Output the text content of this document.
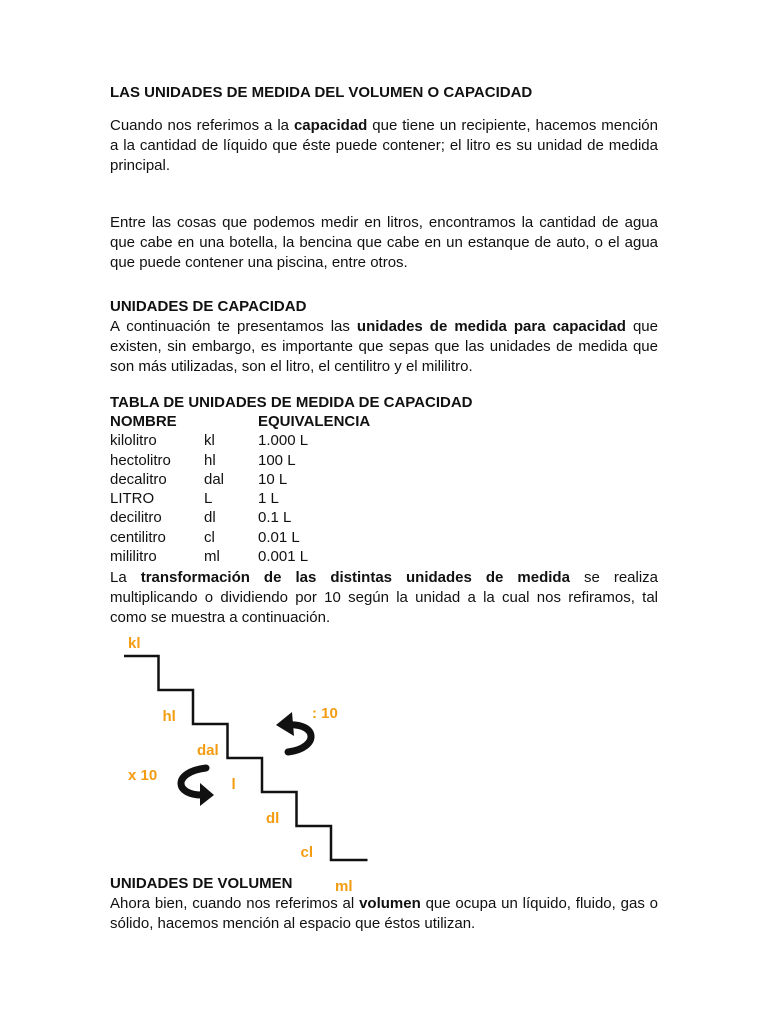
LAS UNIDADES DE MEDIDA DEL VOLUMEN O CAPACIDAD

Cuando nos referimos a la capacidad que tiene un recipiente, hacemos mención a la cantidad de líquido que éste puede contener; el litro es su unidad de medida principal.

Entre las cosas que podemos medir en litros, encontramos la cantidad de agua que cabe en una botella, la bencina que cabe en un estanque de auto, o el agua que puede contener una piscina, entre otros.

UNIDADES DE CAPACIDAD

A continuación te presentamos las unidades de medida para capacidad que existen, sin embargo, es importante que sepas que las unidades de medida que son más utilizadas, son el litro, el centilitro y el mililitro.

TABLA DE UNIDADES DE MEDIDA DE CAPACIDAD
NOMBRE	EQUIVALENCIA
kilolitro	kl	1.000 L
hectolitro hl	100 L
decalitro dal 10 L
LITRO	L	1 L
decilitro	dl	0.1 L
centilitro	cl	0.01 L
mililitro	ml	0.001 L

La transformación de las distintas unidades de medida se realiza multiplicando o dividiendo por 10 según la unidad a la cual nos refiramos, tal como se muestra a continuación.

UNIDADES DE VOLUMEN

Ahora bien, cuando nos referimos al volumen que ocupa un líquido, fluido, gas o sólido, hacemos mención al espacio que éstos utilizan.

kl
hl
dal
l
dl
cl
ml
: 10
x 10
